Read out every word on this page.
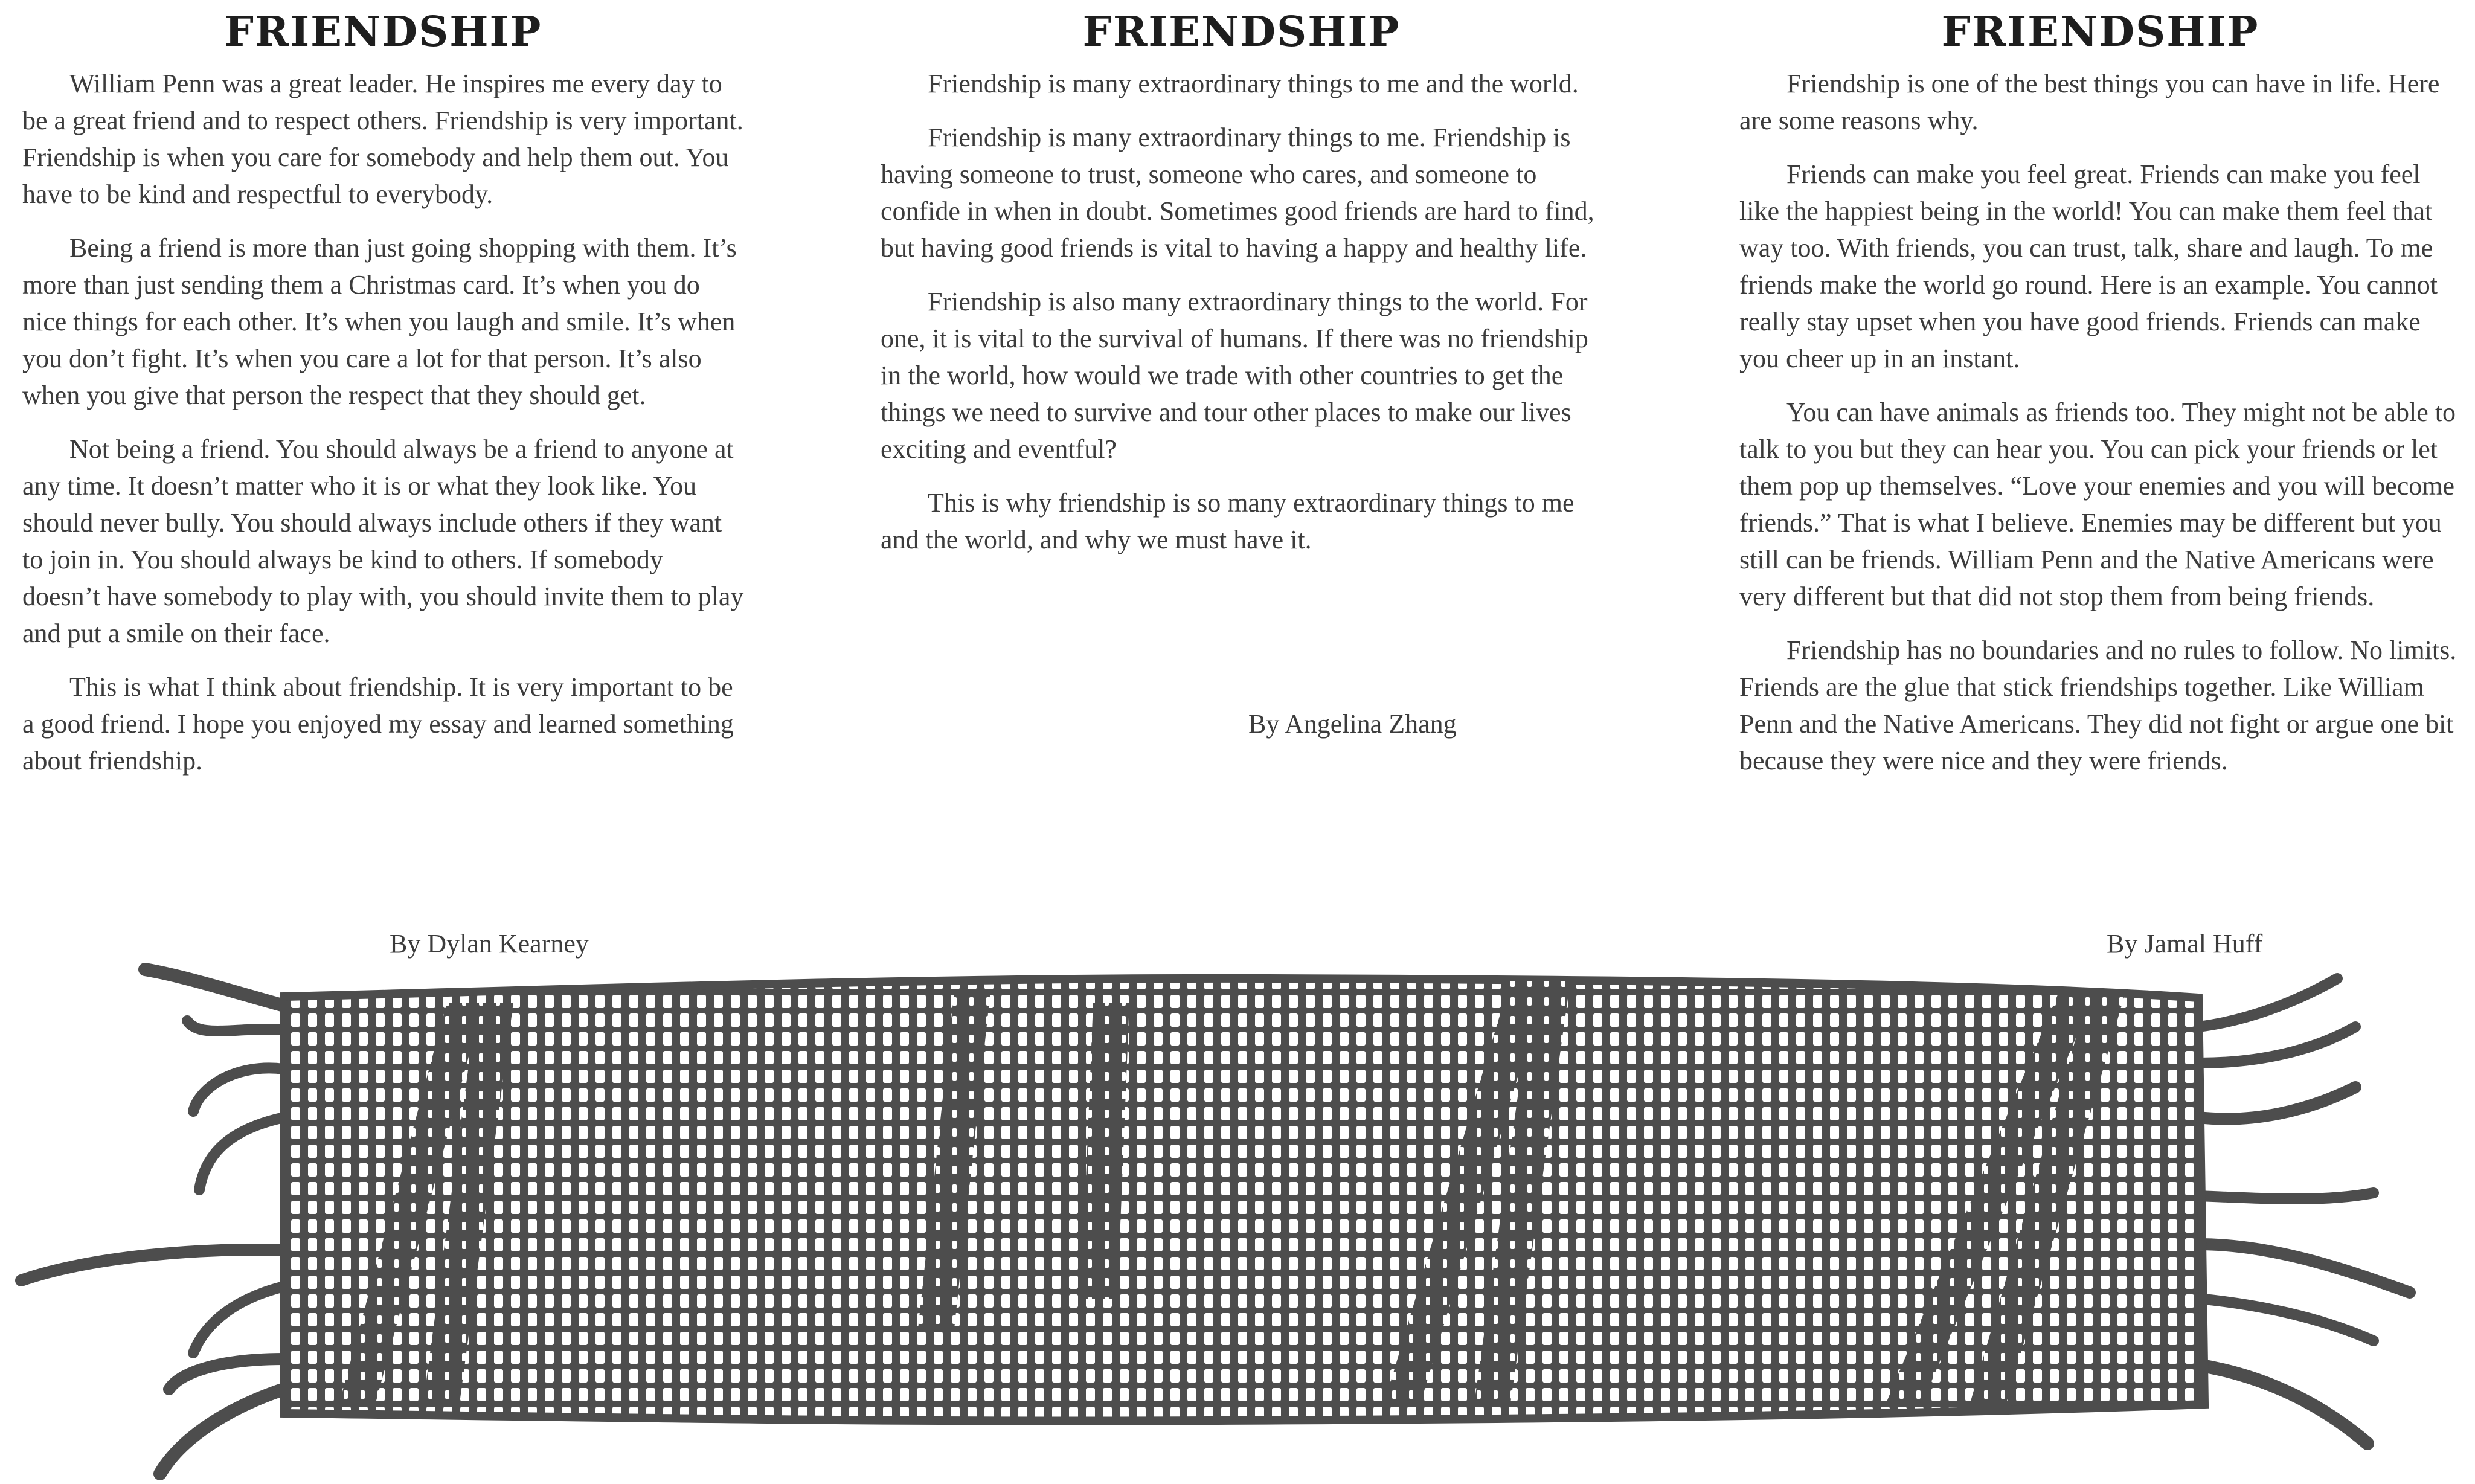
FRIENDSHIP

William Penn was a great leader. He inspires me every day to be a great friend and to respect others. Friendship is very important. Friendship is when you care for somebody and help them out. You have to be kind and respectful to everybody.

Being a friend is more than just going shopping with them. It’s more than just sending them a Christmas card. It’s when you do nice things for each other. It’s when you laugh and smile. It’s when you don’t fight. It’s when you care a lot for that person. It’s also when you give that person the respect that they should get.

Not being a friend. You should always be a friend to anyone at any time. It doesn’t matter who it is or what they look like. You should never bully. You should always include others if they want to join in. You should always be kind to others. If somebody doesn’t have somebody to play with, you should invite them to play and put a smile on their face.

This is what I think about friendship. It is very important to be a good friend. I hope you enjoyed my essay and learned something about friendship.

By Dylan Kearney
FRIENDSHIP

Friendship is many extraordinary things to me and the world.

Friendship is many extraordinary things to me. Friendship is having someone to trust, someone who cares, and someone to confide in when in doubt. Sometimes good friends are hard to find, but having good friends is vital to having a happy and healthy life.

Friendship is also many extraordinary things to the world. For one, it is vital to the survival of humans. If there was no friendship in the world, how would we trade with other countries to get the things we need to survive and tour other places to make our lives exciting and eventful?

This is why friendship is so many extraordinary things to me and the world, and why we must have it.

By Angelina Zhang
FRIENDSHIP

Friendship is one of the best things you can have in life. Here are some reasons why.

Friends can make you feel great. Friends can make you feel like the happiest being in the world! You can make them feel that way too. With friends, you can trust, talk, share and laugh. To me friends make the world go round. Here is an example. You cannot really stay upset when you have good friends. Friends can make you cheer up in an instant.

You can have animals as friends too. They might not be able to talk to you but they can hear you. You can pick your friends or let them pop up themselves. “Love your enemies and you will become friends.” That is what I believe. Enemies may be different but you still can be friends. William Penn and the Native Americans were very different but that did not stop them from being friends.

Friendship has no boundaries and no rules to follow. No limits. Friends are the glue that stick friendships together. Like William Penn and the Native Americans. They did not fight or argue one bit because they were nice and they were friends.

By Jamal Huff
